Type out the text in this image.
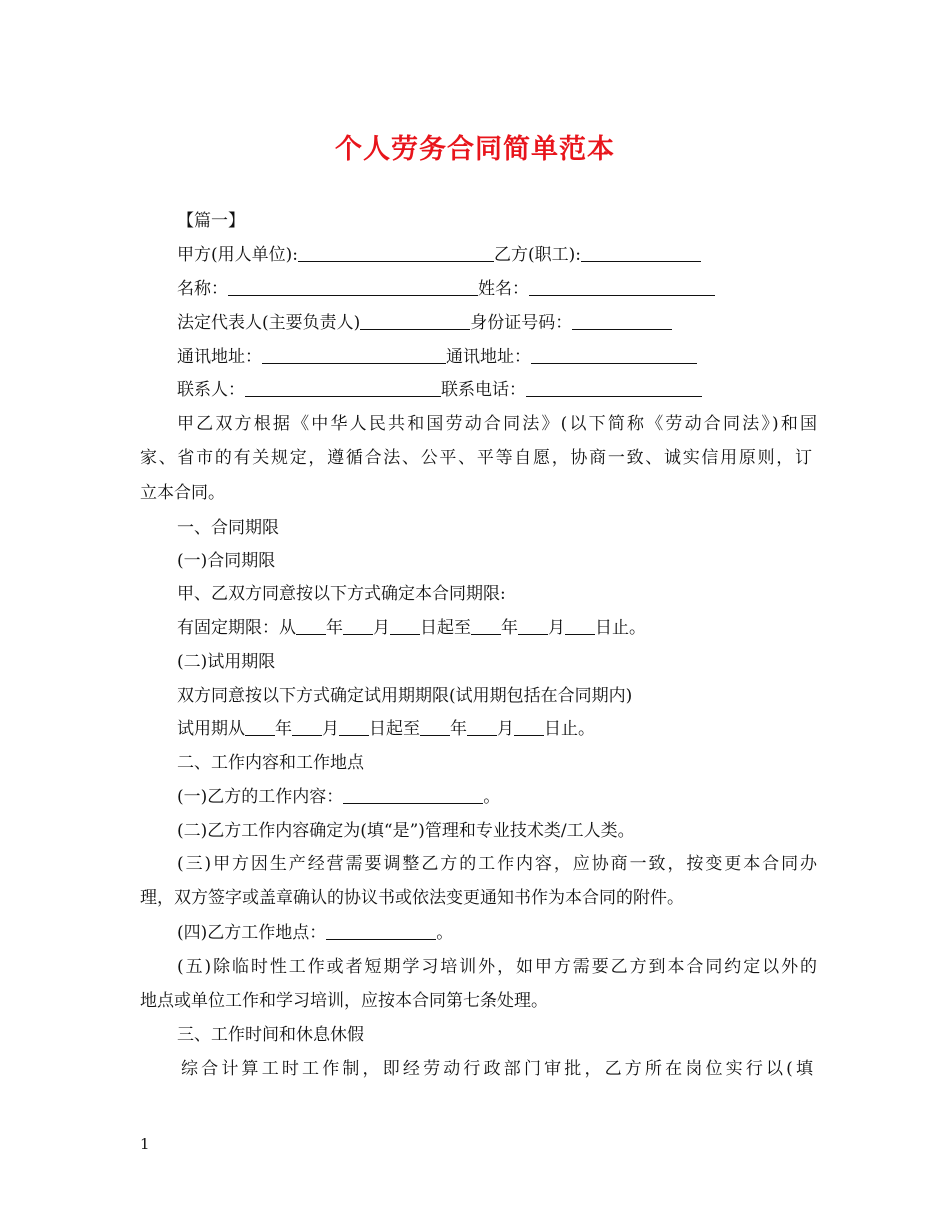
个人劳务合同简单范本
【篇一】
甲方(用人单位):	乙方(职工):
名称：	姓名：
法定代表人(主要负责人)	身份证号码：
通讯地址：	通讯地址：
联系人：	联系电话：
甲乙双方根据《中华人民共和国劳动合同法》(以下简称《劳动合同法》)和国
家、省市的有关规定，遵循合法、公平、平等自愿，协商一致、诚实信用原则，订
立本合同。
一、合同期限
(一)合同期限
甲、乙双方同意按以下方式确定本合同期限:
有固定期限：从 年 月 日起至 年 月 日止。
(二)试用期限
双方同意按以下方式确定试用期期限(试用期包括在合同期内)
试用期从 年 月 日起至 年 月 日止。
二、工作内容和工作地点
(一)乙方的工作内容：	。
(二)乙方工作内容确定为(填“是”)管理和专业技术类/工人类。
(三)甲方因生产经营需要调整乙方的工作内容，应协商一致，按变更本合同办
理，双方签字或盖章确认的协议书或依法变更通知书作为本合同的附件。
(四)乙方工作地点：	。
(五)除临时性工作或者短期学习培训外，如甲方需要乙方到本合同约定以外的
地点或单位工作和学习培训，应按本合同第七条处理。
三、工作时间和休息休假
综合计算工时工作制，即经劳动行政部门审批，乙方所在岗位实行以(填
1
